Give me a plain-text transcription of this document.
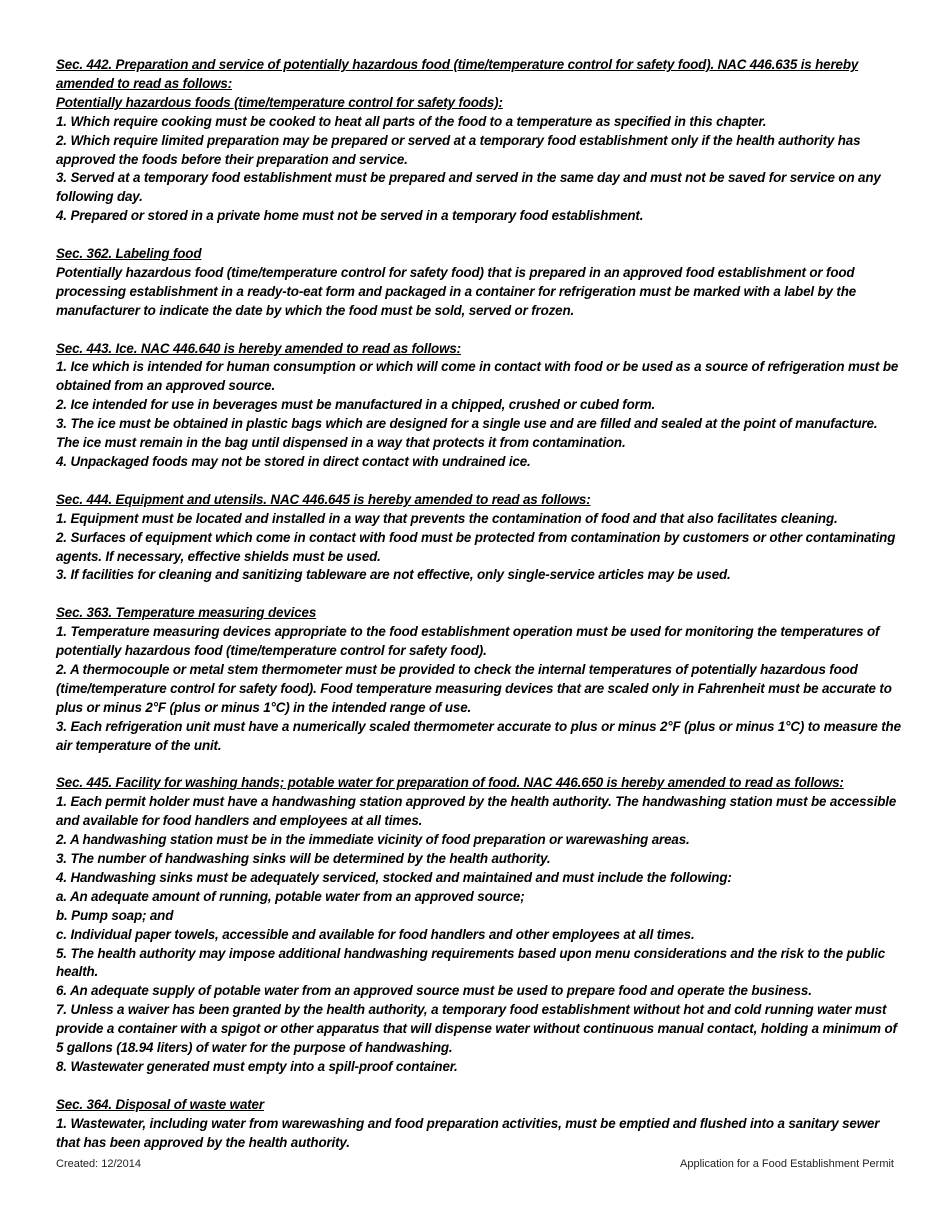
Sec. 442. Preparation and service of potentially hazardous food (time/temperature control for safety food). NAC 446.635 is hereby amended to read as follows:

Potentially hazardous foods (time/temperature control for safety foods):

1. Which require cooking must be cooked to heat all parts of the food to a temperature as specified in this chapter.

2. Which require limited preparation may be prepared or served at a temporary food establishment only if the health authority has approved the foods before their preparation and service.

3. Served at a temporary food establishment must be prepared and served in the same day and must not be saved for service on any following day.

4. Prepared or stored in a private home must not be served in a temporary food establishment.

Sec. 362. Labeling food

Potentially hazardous food (time/temperature control for safety food) that is prepared in an approved food establishment or food processing establishment in a ready-to-eat form and packaged in a container for refrigeration must be marked with a label by the manufacturer to indicate the date by which the food must be sold, served or frozen.

Sec. 443. Ice. NAC 446.640 is hereby amended to read as follows:

1. Ice which is intended for human consumption or which will come in contact with food or be used as a source of refrigeration must be obtained from an approved source.

2. Ice intended for use in beverages must be manufactured in a chipped, crushed or cubed form.

3. The ice must be obtained in plastic bags which are designed for a single use and are filled and sealed at the point of manufacture. The ice must remain in the bag until dispensed in a way that protects it from contamination.

4. Unpackaged foods may not be stored in direct contact with undrained ice.

Sec. 444. Equipment and utensils. NAC 446.645 is hereby amended to read as follows:

1. Equipment must be located and installed in a way that prevents the contamination of food and that also facilitates cleaning.

2. Surfaces of equipment which come in contact with food must be protected from contamination by customers or other contaminating agents. If necessary, effective shields must be used.

3. If facilities for cleaning and sanitizing tableware are not effective, only single-service articles may be used.

Sec. 363. Temperature measuring devices

1. Temperature measuring devices appropriate to the food establishment operation must be used for monitoring the temperatures of potentially hazardous food (time/temperature control for safety food).

2. A thermocouple or metal stem thermometer must be provided to check the internal temperatures of potentially hazardous food (time/temperature control for safety food). Food temperature measuring devices that are scaled only in Fahrenheit must be accurate to plus or minus 2°F (plus or minus 1°C) in the intended range of use.

3. Each refrigeration unit must have a numerically scaled thermometer accurate to plus or minus 2°F (plus or minus 1°C) to measure the air temperature of the unit.

Sec. 445. Facility for washing hands; potable water for preparation of food. NAC 446.650 is hereby amended to read as follows:

1. Each permit holder must have a handwashing station approved by the health authority. The handwashing station must be accessible and available for food handlers and employees at all times.

2. A handwashing station must be in the immediate vicinity of food preparation or warewashing areas.

3. The number of handwashing sinks will be determined by the health authority.

4. Handwashing sinks must be adequately serviced, stocked and maintained and must include the following:

a. An adequate amount of running, potable water from an approved source;

b. Pump soap; and

c. Individual paper towels, accessible and available for food handlers and other employees at all times.

5. The health authority may impose additional handwashing requirements based upon menu considerations and the risk to the public health.

6. An adequate supply of potable water from an approved source must be used to prepare food and operate the business.

7. Unless a waiver has been granted by the health authority, a temporary food establishment without hot and cold running water must provide a container with a spigot or other apparatus that will dispense water without continuous manual contact, holding a minimum of 5 gallons (18.94 liters) of water for the purpose of handwashing.

8. Wastewater generated must empty into a spill-proof container.

Sec. 364. Disposal of waste water

1. Wastewater, including water from warewashing and food preparation activities, must be emptied and flushed into a sanitary sewer that has been approved by the health authority.

Created: 12/2014	Application for a Food Establishment Permit
